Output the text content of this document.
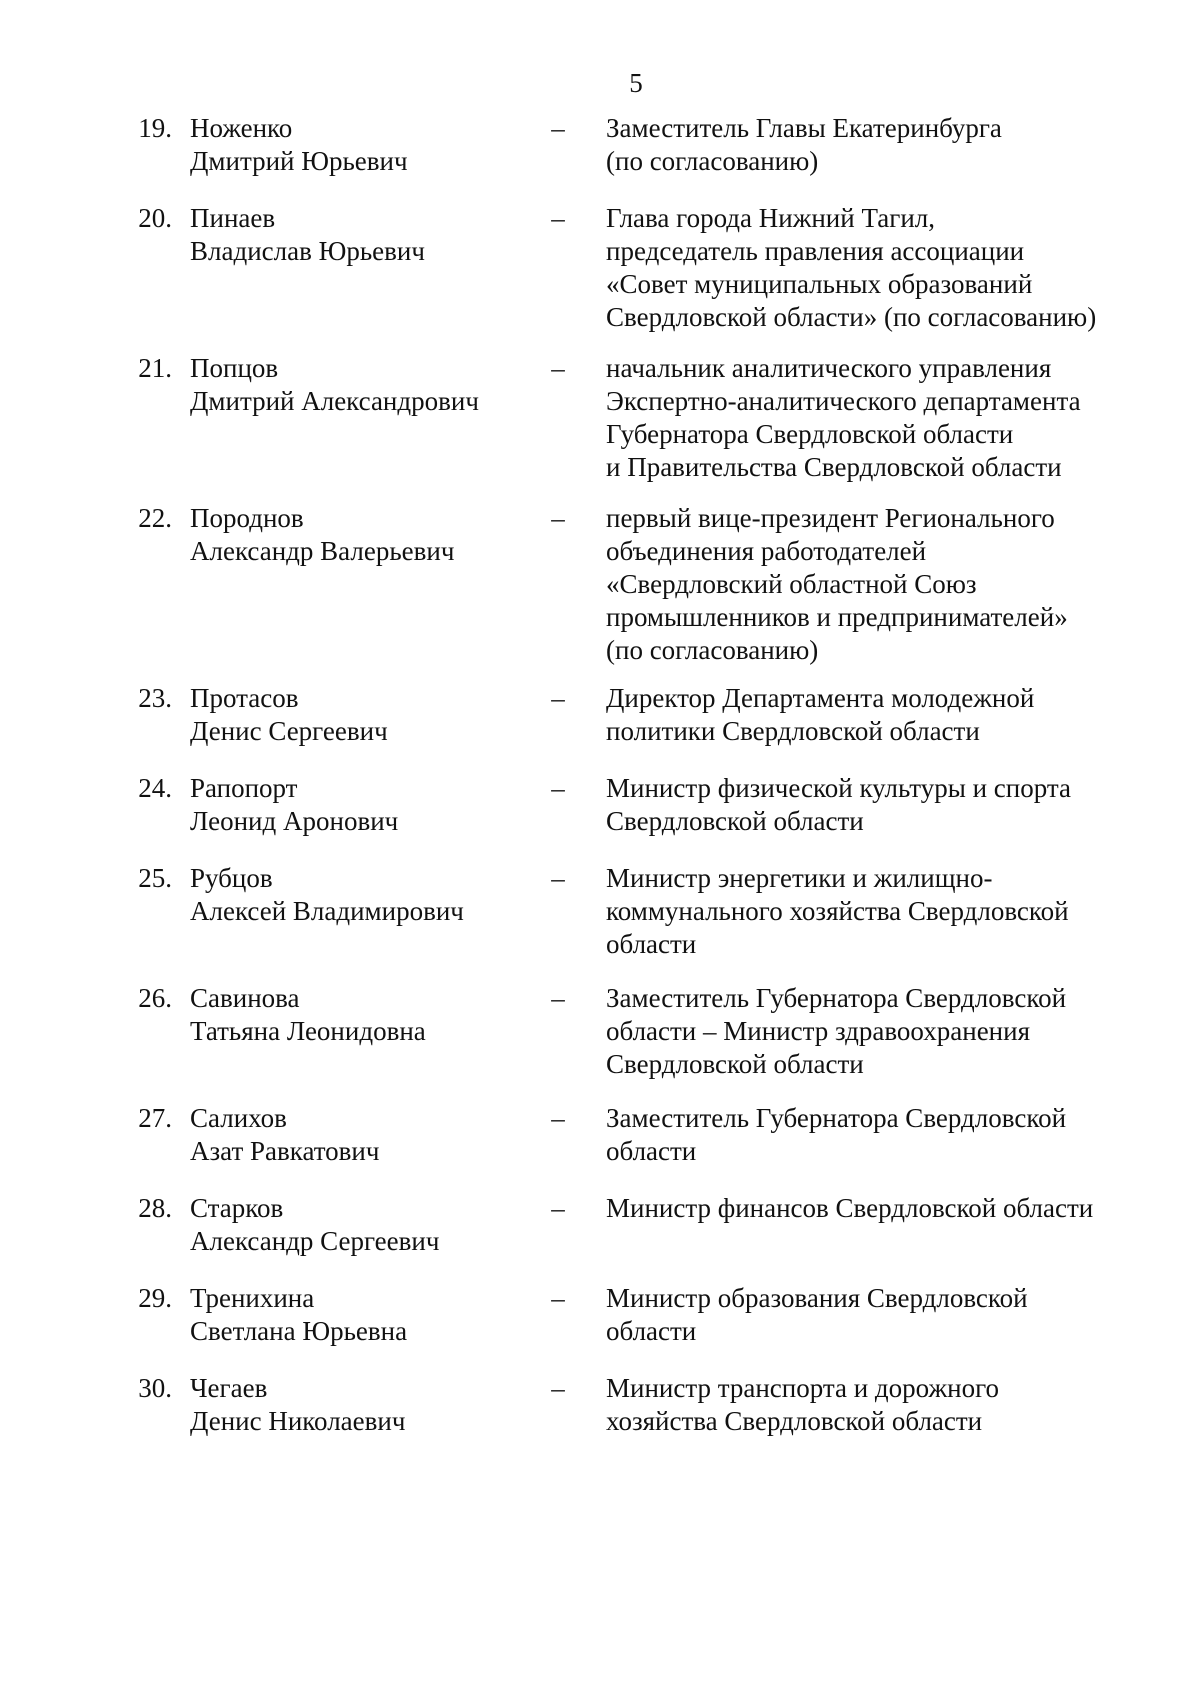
5
19. Ноженко
Дмитрий Юрьевич
– Заместитель Главы Екатеринбурга
(по согласованию)
20. Пинаев
Владислав Юрьевич
– Глава города Нижний Тагил,
председатель правления ассоциации
«Совет муниципальных образований
Свердловской области» (по согласованию)
21. Попцов
Дмитрий Александрович
– начальник аналитического управления
Экспертно-аналитического департамента
Губернатора Свердловской области
и Правительства Свердловской области
22. Породнов
Александр Валерьевич
– первый вице-президент Регионального
объединения работодателей
«Свердловский областной Союз
промышленников и предпринимателей»
(по согласованию)
23. Протасов
Денис Сергеевич
– Директор Департамента молодежной
политики Свердловской области
24. Рапопорт
Леонид Аронович
– Министр физической культуры и спорта
Свердловской области
25. Рубцов
Алексей Владимирович
– Министр энергетики и жилищно-
коммунального хозяйства Свердловской
области
26. Савинова
Татьяна Леонидовна
– Заместитель Губернатора Свердловской
области – Министр здравоохранения
Свердловской области
27. Салихов
Азат Равкатович
– Заместитель Губернатора Свердловской
области
28. Старков
Александр Сергеевич
– Министр финансов Свердловской области
29. Тренихина
Светлана Юрьевна
– Министр образования Свердловской
области
30. Чегаев
Денис Николаевич
– Министр транспорта и дорожного
хозяйства Свердловской области
